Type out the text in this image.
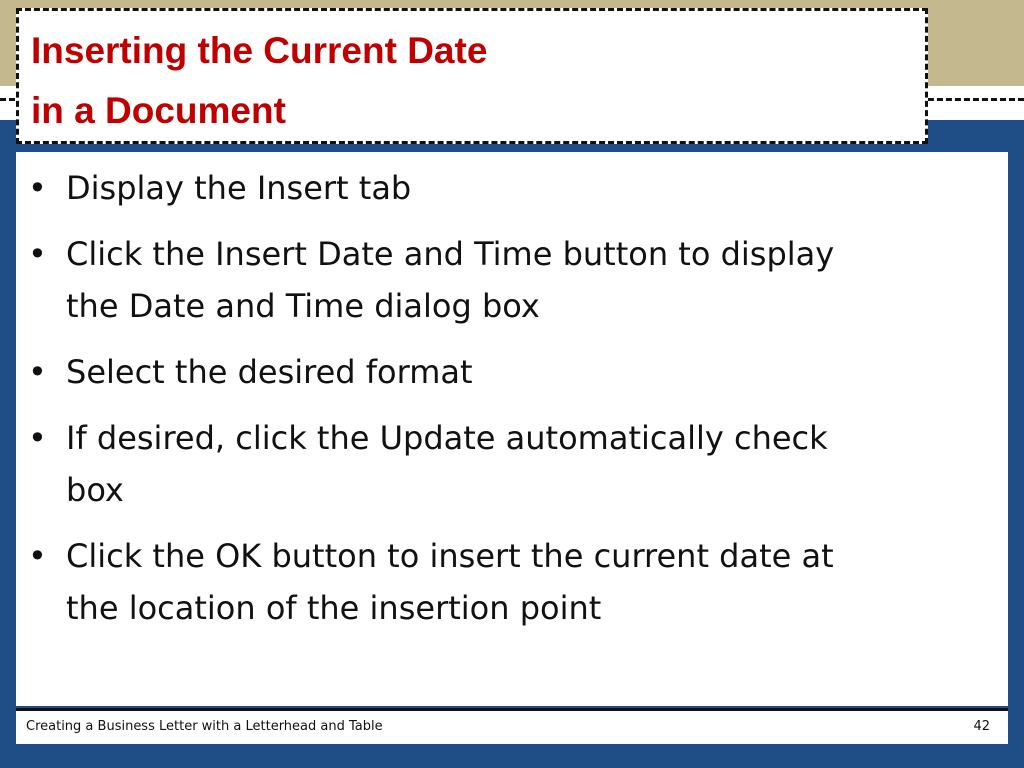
Inserting the Current Date

in a Document

• Display the Insert tab
• Click the Insert Date and Time button to display
the Date and Time dialog box
• Select the desired format
• If desired, click the Update automatically check
box
• Click the OK button to insert the current date at
the location of the insertion point
Creating a Business Letter with a Letterhead and Table	42
